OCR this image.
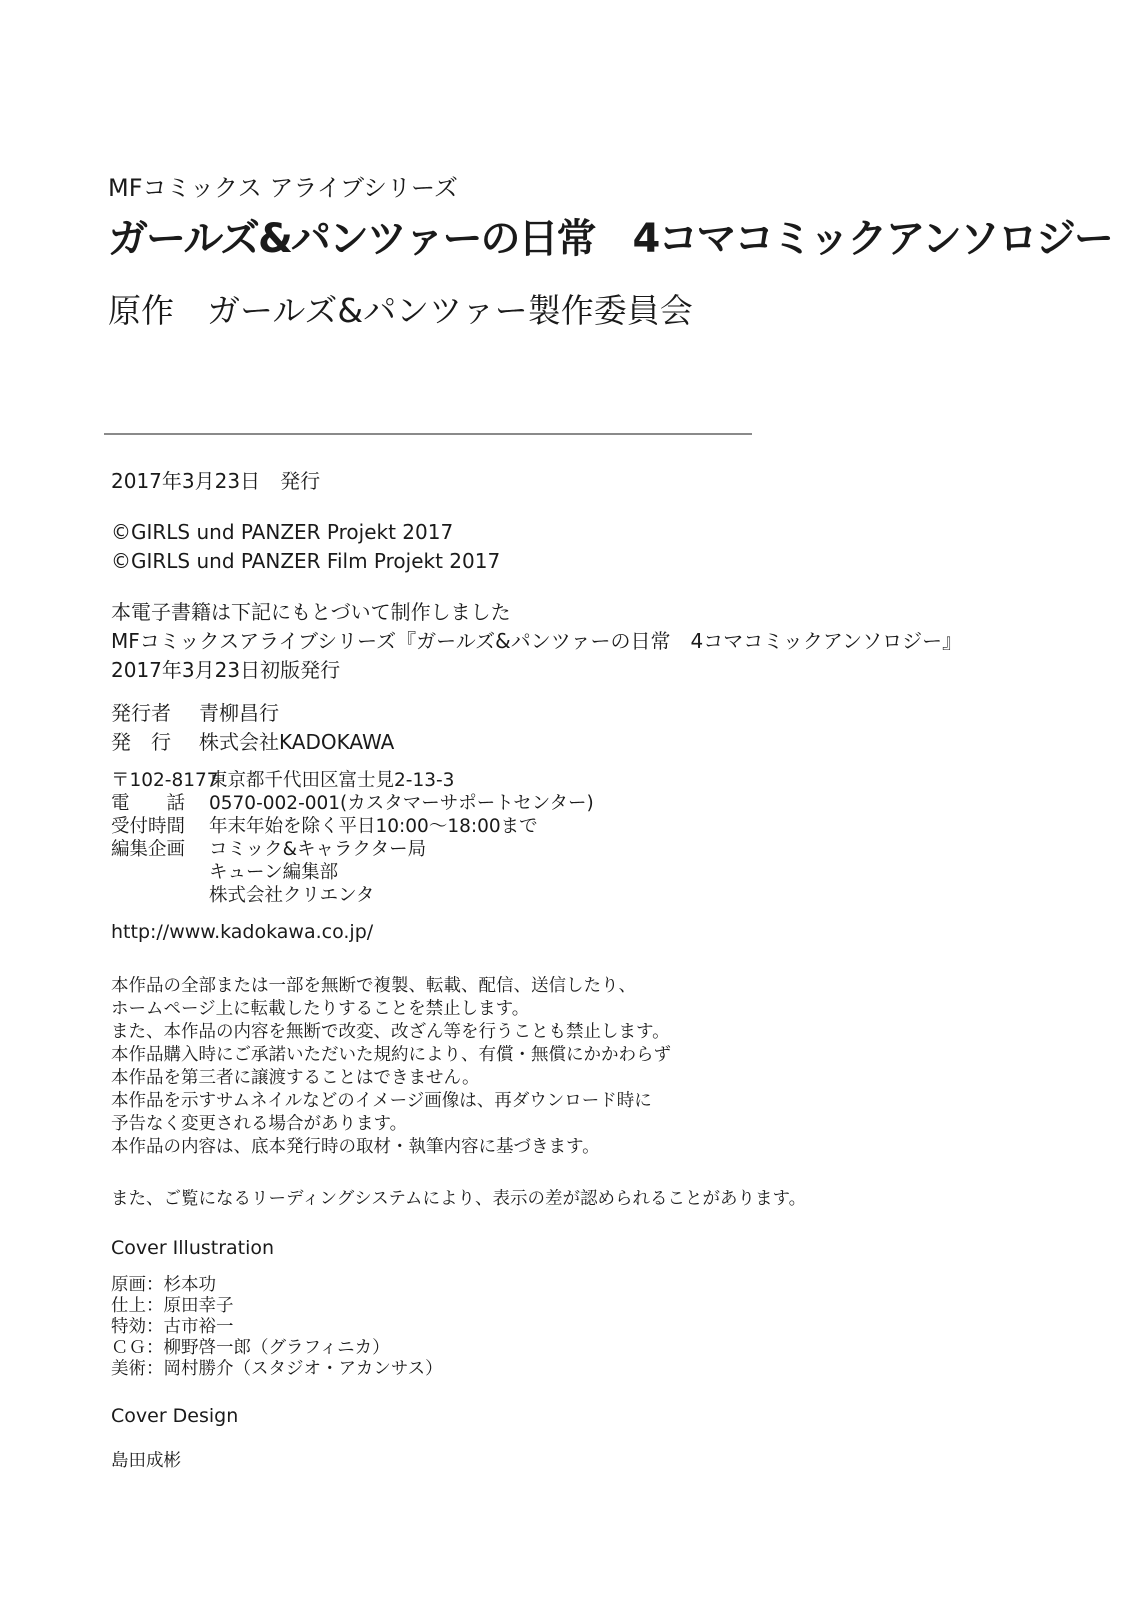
MFコミックス アライブシリーズ
ガールズ&パンツァーの日常　4コマコミックアンソロジー
原作　ガールズ&パンツァー製作委員会
2017年3月23日　発行
©GIRLS und PANZER Projekt 2017
©GIRLS und PANZER Film Projekt 2017
本電子書籍は下記にもとづいて制作しました
MFコミックスアライブシリーズ『ガールズ&パンツァーの日常　4コマコミックアンソロジー』
2017年3月23日初版発行
発行者 青柳昌行
発　行 株式会社KADOKAWA
〒102-8177東京都千代田区富士見2-13-3
電　　話 0570-002-001(カスタマーサポートセンター)
受付時間 年末年始を除く平日10:00〜18:00まで
編集企画 コミック&キャラクター局
キューン編集部
株式会社クリエンタ
http://www.kadokawa.co.jp/
本作品の全部または一部を無断で複製、転載、配信、送信したり、
ホームページ上に転載したりすることを禁止します。
また、本作品の内容を無断で改変、改ざん等を行うことも禁止します。
本作品購入時にご承諾いただいた規約により、有償・無償にかかわらず
本作品を第三者に譲渡することはできません。
本作品を示すサムネイルなどのイメージ画像は、再ダウンロード時に
予告なく変更される場合があります。
本作品の内容は、底本発行時の取材・執筆内容に基づきます。
また、ご覧になるリーディングシステムにより、表示の差が認められることがあります。
Cover Illustration
原画：杉本功
仕上：原田幸子
特効：古市裕一
ＣＧ：柳野啓一郎（グラフィニカ）
美術：岡村勝介（スタジオ・アカンサス）
Cover Design
島田成彬
